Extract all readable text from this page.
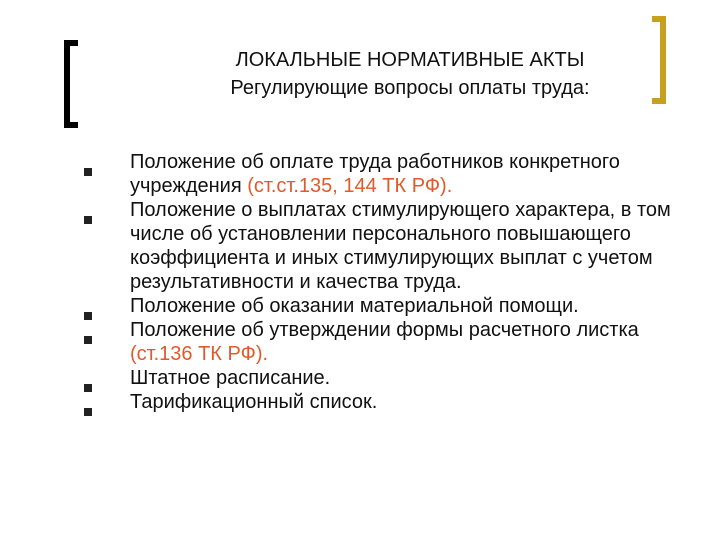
ЛОКАЛЬНЫЕ НОРМАТИВНЫЕ АКТЫ

Регулирующие вопросы оплаты труда:

Положение об оплате труда работников конкретного учреждения (ст.ст.135, 144 ТК РФ).
Положение о выплатах стимулирующего характера, в том числе об установлении персонального повышающего коэффициента и иных стимулирующих выплат с учетом результативности и качества труда.
Положение об оказании материальной помощи.
Положение об утверждении формы расчетного листка (ст.136 ТК РФ).
Штатное расписание.
Тарификационный список.
